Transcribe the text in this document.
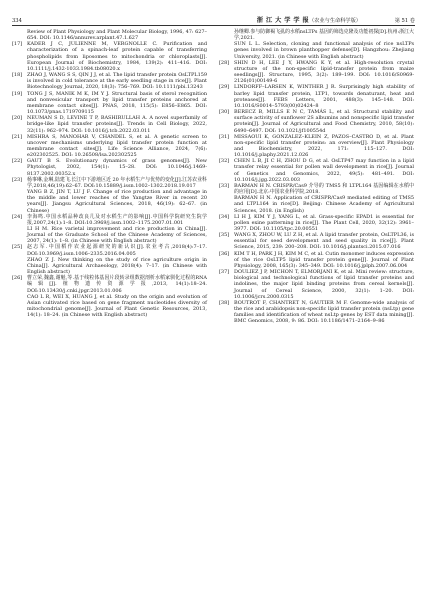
334	浙 江 大 学 学 报（农业与生命科学版）	第 51 卷
Review of Plant Physiology and Plant Molecular Biology, 1996, 47: 627–654. DOI: 10.1146/annurev.arplant.47.1.627
[17] KADER J C, JULIENNE M, VERGNOLLE C. Purification and characterization of a spinach-leaf protein capable of transferring phospholipids from liposomes to mitochondria or chloroplasts[J]. European Journal of Biochemistry, 1984, 139(2): 411–416. DOI: 10.1111/j.1432-1033.1984.tb08020.x
[18] ZHAO J, WANG S S, QIN J J, et al. The lipid transfer protein OsLTPL159 is involved in cold tolerance at the early seedling stage in rice[J]. Plant Biotechnology Journal, 2020, 18(3): 756–769. DOI: 10.1111/pbi.13243
[19] TONG J S, MANIK M K, IM Y J. Structural basis of sterol recognition and nonvesicular transport by lipid transfer proteins anchored at membrane contact sites[J]. PNAS, 2018, 115(5): E856–E865. DOI: 10.1073/pnas.1719709115
[20] NEUMAN S D, LEVINE T P, BASHIRULLAH A. A novel superfamily of bridge-like lipid transfer proteins[J]. Trends in Cell Biology, 2022, 32(11): 962–974. DOI: 10.1016/j.tcb.2022.03.011
[21] MISHRA S, MANOHAR V, CHANDEL S, et al. A genetic screen to uncover mechanisms underlying lipid transfer protein function at membrane contact sites[J]. Life Science Alliance, 2024, 7(6): e202302525. DOI: 10.26508/lsa.202302525
[22] GAUT B S. Evolutionary dynamics of grass genomes[J]. New Phytologist, 2002, 154(1): 15–28. DOI: 10.1046/j.1469-8137.2002.00352.x
[23] 杨事琳,金琳,陆建飞.长江中下游地区近 20 年水稻生产与优势的变化[J].江苏农业科学,2018,46(19):62–67. DOI:10.15889/j.issn.1002–1302.2018.19.017
YANG B Z, JIN T, LU J F. Change of rice production and advantage in the middle and lower reaches of the Yangtze River in recent 20 years[J]. Jiangsu Agricultural Sciences, 2018, 46(19): 62–67. (in Chinese)
[24] 李海鸣.中国水稻品种改良几及对水稻生产的影响[J].中国科学院研究生院学报,2007,24(1):1–8. DOI:10.3969/j.issn.1002–1175.2007.01.001
LI H M. Rice varietal improvement and rice production in China[J]. Journal of the Graduate School of the Chinese Academy of Sciences, 2007, 24(1): 1–8. (in Chinese with English abstract)
[25] 赵志军.中国稻作农业起源研究的新认识[J].农业考古,2018(4):7–17. DOI:10.3969/j.issn.1006–2335.2016.04.005
ZHAO Z J. New thinking on the study of rice agriculture origin in China[J]. Agricultural Archaeology, 2018(4): 7–17. (in Chinese with English abstract)
[26] 曹立荣,魏鑫,谢魁,等.基于线粒体基因片段转录组数据剖析水稻家驯化过程的RNA 编辑[J].植物遗传资源学报,2013, 14(1):18–24. DOI:10.13430/j.cnki.jpgr.2013.01.006
CAO L R, WEI X, HUANG J, et al. Study on the origin and evolution of Asian cultivated rice based on gene fragment nucleotides diversity of mitochondrial genome[J]. Journal of Plant Genetic Resources, 2013, 14(1): 18–24. (in Chinese with English abstract)
孙继卿.参与防御褐飞虱的水稻nsLTPs 基因的筛选克隆及功能初探[D].杭州:浙江大学,2021.
SUN L L. Selection, cloning and functional analysis of rice nsLTPs genes involved in brown planthopper defense[D]. Hangzhou: Zhejiang University, 2021. (in Chinese with English abstract)
[28] SHIN D H, LEE J Y, HWANG K Y, et al. High-resolution crystal structure of the non-specific lipid-transfer protein from maize seedlings[J]. Structure, 1995, 3(2): 189–199. DOI: 10.1016/S0969-2126(01)00149-6
[29] LINDORFF–LARSEN K, WINTHER J R. Surprisingly high stability of barley lipid transfer protein, LTP1, towards denaturant, heat and proteases[J]. FEBS Letters, 2001, 488(3): 145–148. DOI: 10.1016/S0014–5793(00)02424–8
[30] BERECZ B, MILLS E N C, TAMÁS L, et al. Structural stability and surface activity of sunflower 2S albumins and nonspecific lipid transfer protein[J]. Journal of Agricultural and Food Chemistry, 2010, 58(10): 6490–6497. DOI: 10.1021/jf100554d
[31] MISSAOUI K, GONZALEZ–KLEIN Z, PAZOS–CASTRO D, et al. Plant non-specific lipid transfer proteins: an overview[J]. Plant Physiology and Biochemistry, 2022, 171: 115–127. DOI: 10.1016/j.plaphy.2021.12.026
[32] CHEN L B, JI C H, ZHOU D G, et al. OsLTP47 may function in a lipid transfer relay essential for pollen wall development in rice[J]. Journal of Genetics and Genomics, 2022, 49(5): 481–491. DOI: 10.1016/j.jgg.2022.03.003
[33] BARMAN H N. CRISPR/Cas9 介导的 TMS5 和 LTPL164 基因编辑在水稻中的应用[D].北京:中国农业科学院,2018.
BARMAN H N. Application of CRISPR/Cas9 mediated editing of TMS5 and LTPL164 in rice[D]. Beijing: Chinese Academy of Agricultural Sciences, 2018. (in English)
[34] LI H J, KIM Y J, YANG L, et al. Grass-specific EPAD1 is essential for pollen exine patterning in rice[J]. The Plant Cell, 2020, 32(12): 3961–3977. DOI: 10.1105/tpc.20.00551
[35] WANG X, ZHOU W, LU Z H, et al. A lipid transfer protein, OsLTPL36, is essential for seed development and seed quality in rice[J]. Plant Science, 2015, 239: 200–208. DOI: 10.1016/j.plantsci.2015.07.016
[36] KIM T H, PARK J H, KIM M C, et al. Cutin monomer induces expression of the rice OsLTP5 lipid transfer protein gene[J]. Journal of Plant Physiology, 2008, 165(3): 345–349. DOI: 10.1016/j.jplph.2007.06.004
[37] DOULIEZ J P, MICHON T, ELMORJANI K, et al. Mini review: structure, biological and technological functions of lipid transfer proteins and indolines, the major lipid binding proteins from cereal kernels[J]. Journal of Cereal Science, 2000, 32(1): 1–20. DOI: 10.1006/jcrs.2000.0315
[38] BOUTROT F, CHANTRET N, GAUTIER M F. Genome-wide analysis of the rice and arabidopsis non-specific lipid transfer protein (nsLtp) gene families and identification of wheat nsLtp genes by EST data mining[J]. BMC Genomics, 2008, 9: 86. DOI: 10.1186/1471–2164–9–86
